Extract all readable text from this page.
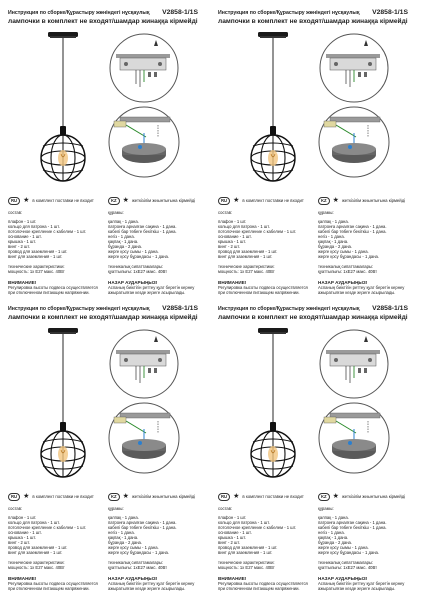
Инструкция по сборке/Құрастыру жөніндегі нұсқаулық V2858-1/1S
лампочки в комплект не входят/шамдар жинаққа кірмейді
RU ★ в комплект поставки не входит	KZ ★ жеткізілім жиынтығына кірмейді
состав:
плафон - 1 шт.
кольцо для патрона - 1 шт.
потолочное крепление с кабелем - 1 шт.
основание - 1 шт.
крышка - 1 шт.
винт - 2 шт.
провод для заземления - 1 шт.
винт для заземления - 1 шт.
технические характеристики:
мощность: 1х E27 макс. 40Вт
ВНИМАНИЕ!
Регулировка высоты подвеса осуществляется
при отключенном питающем напряжении.
құрамы:
қалпақ - 1 дана.
патронға арналған сақина - 1 дана.
кабелі бар төбеге бекіткіш - 1 дана.
негіз - 1 дана.
қақпақ - 1 дана.
бұранда - 2 дана.
жерге қосу сымы - 1 дана.
жерге қосу бұрандасы - 1 дана.
техникалық сипаттамалары:
қуаттылығы: 1xE27 макс. 40Вт
НАЗАР АУДАРЫҢЫЗ!
Аспаның биіктігін реттеу қуат беретін кернеу
ажыратылған кезде жүзеге асырылады.
Инструкция по сборке/Құрастыру жөніндегі нұсқаулық V2858-1/1S
лампочки в комплект не входят/шамдар жинаққа кірмейді
RU ★ в комплект поставки не входит	KZ ★ жеткізілім жиынтығына кірмейді
состав:
плафон - 1 шт.
кольцо для патрона - 1 шт.
потолочное крепление с кабелем - 1 шт.
основание - 1 шт.
крышка - 1 шт.
винт - 2 шт.
провод для заземления - 1 шт.
винт для заземления - 1 шт.
технические характеристики:
мощность: 1х E27 макс. 40Вт
ВНИМАНИЕ!
Регулировка высоты подвеса осуществляется
при отключенном питающем напряжении.
құрамы:
қалпақ - 1 дана.
патронға арналған сақина - 1 дана.
кабелі бар төбеге бекіткіш - 1 дана.
негіз - 1 дана.
қақпақ - 1 дана.
бұранда - 2 дана.
жерге қосу сымы - 1 дана.
жерге қосу бұрандасы - 1 дана.
техникалық сипаттамалары:
қуаттылығы: 1xE27 макс. 40Вт
НАЗАР АУДАРЫҢЫЗ!
Аспаның биіктігін реттеу қуат беретін кернеу
ажыратылған кезде жүзеге асырылады.
Инструкция по сборке/Құрастыру жөніндегі нұсқаулық V2858-1/1S
лампочки в комплект не входят/шамдар жинаққа кірмейді
RU ★ в комплект поставки не входит	KZ ★ жеткізілім жиынтығына кірмейді
состав:
плафон - 1 шт.
кольцо для патрона - 1 шт.
потолочное крепление с кабелем - 1 шт.
основание - 1 шт.
крышка - 1 шт.
винт - 2 шт.
провод для заземления - 1 шт.
винт для заземления - 1 шт.
технические характеристики:
мощность: 1х E27 макс. 40Вт
ВНИМАНИЕ!
Регулировка высоты подвеса осуществляется
при отключенном питающем напряжении.
құрамы:
қалпақ - 1 дана.
патронға арналған сақина - 1 дана.
кабелі бар төбеге бекіткіш - 1 дана.
негіз - 1 дана.
қақпақ - 1 дана.
бұранда - 2 дана.
жерге қосу сымы - 1 дана.
жерге қосу бұрандасы - 1 дана.
техникалық сипаттамалары:
қуаттылығы: 1xE27 макс. 40Вт
НАЗАР АУДАРЫҢЫЗ!
Аспаның биіктігін реттеу қуат беретін кернеу
ажыратылған кезде жүзеге асырылады.
Инструкция по сборке/Құрастыру жөніндегі нұсқаулық V2858-1/1S
лампочки в комплект не входят/шамдар жинаққа кірмейді
RU ★ в комплект поставки не входит	KZ ★ жеткізілім жиынтығына кірмейді
состав:
плафон - 1 шт.
кольцо для патрона - 1 шт.
потолочное крепление с кабелем - 1 шт.
основание - 1 шт.
крышка - 1 шт.
винт - 2 шт.
провод для заземления - 1 шт.
винт для заземления - 1 шт.
технические характеристики:
мощность: 1х E27 макс. 40Вт
ВНИМАНИЕ!
Регулировка высоты подвеса осуществляется
при отключенном питающем напряжении.
құрамы:
қалпақ - 1 дана.
патронға арналған сақина - 1 дана.
кабелі бар төбеге бекіткіш - 1 дана.
негіз - 1 дана.
қақпақ - 1 дана.
бұранда - 2 дана.
жерге қосу сымы - 1 дана.
жерге қосу бұрандасы - 1 дана.
техникалық сипаттамалары:
қуаттылығы: 1xE27 макс. 40Вт
НАЗАР АУДАРЫҢЫЗ!
Аспаның биіктігін реттеу қуат беретін кернеу
ажыратылған кезде жүзеге асырылады.
